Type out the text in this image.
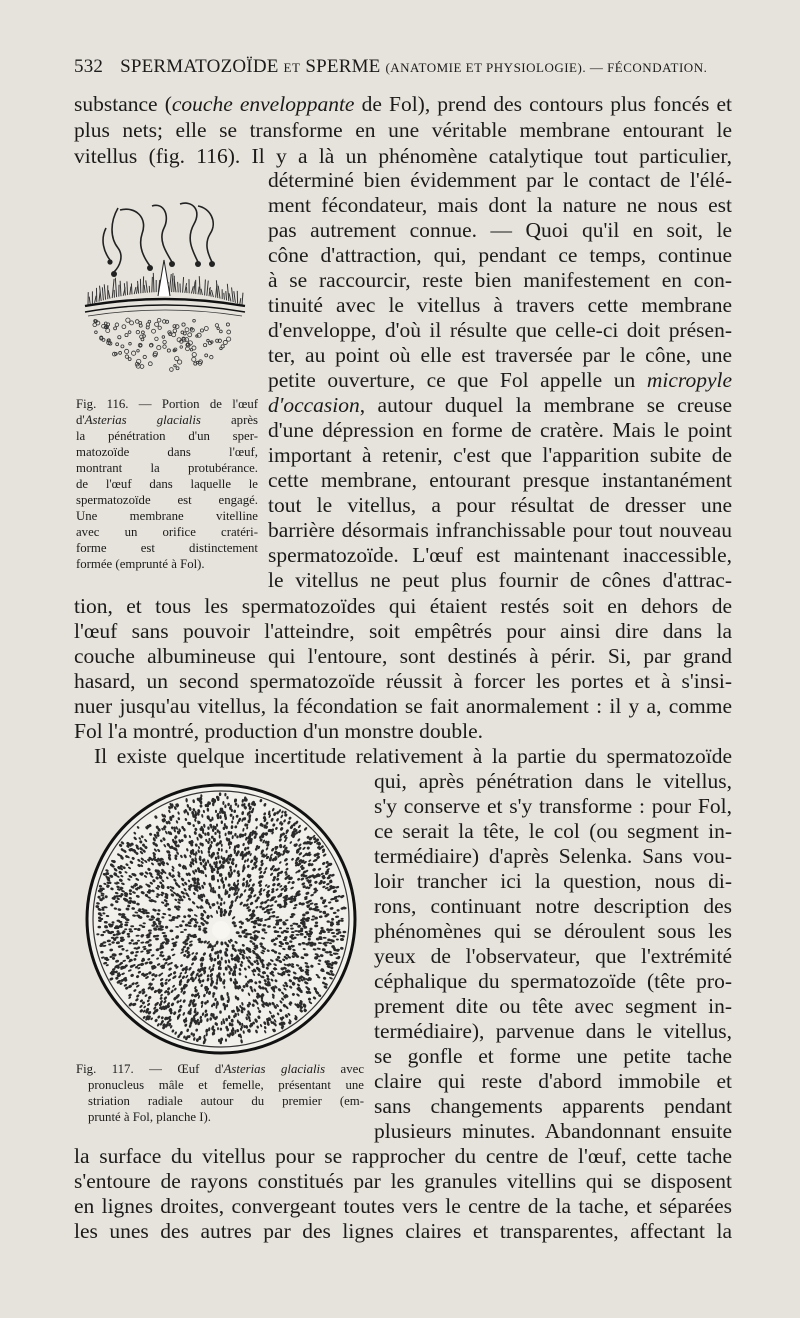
532 SPERMATOZOÏDE ET SPERME (ANATOMIE ET PHYSIOLOGIE). — FÉCONDATION.
substance (couche enveloppante de Fol), prend des contours plus foncés et
plus nets; elle se transforme en une véritable membrane entourant le
vitellus (fig. 116). Il y a là un phénomène catalytique tout particulier,
déterminé bien évidemment par le contact de l'élé-
ment fécondateur, mais dont la nature ne nous est
pas autrement connue. — Quoi qu'il en soit, le
cône d'attraction, qui, pendant ce temps, continue
à se raccourcir, reste bien manifestement en con-
tinuité avec le vitellus à travers cette membrane
d'enveloppe, d'où il résulte que celle-ci doit présen-
ter, au point où elle est traversée par le cône, une
petite ouverture, ce que Fol appelle un micropyle
d'occasion, autour duquel la membrane se creuse
d'une dépression en forme de cratère. Mais le point
important à retenir, c'est que l'apparition subite de
cette membrane, entourant presque instantanément
tout le vitellus, a pour résultat de dresser une
barrière désormais infranchissable pour tout nouveau
spermatozoïde. L'œuf est maintenant inaccessible,
le vitellus ne peut plus fournir de cônes d'attrac-
tion, et tous les spermatozoïdes qui étaient restés soit en dehors de
l'œuf sans pouvoir l'atteindre, soit empêtrés pour ainsi dire dans la
couche albumineuse qui l'entoure, sont destinés à périr. Si, par grand
hasard, un second spermatozoïde réussit à forcer les portes et à s'insi-
nuer jusqu'au vitellus, la fécondation se fait anormalement : il y a, comme
Fol l'a montré, production d'un monstre double.
Il existe quelque incertitude relativement à la partie du spermatozoïde
qui, après pénétration dans le vitellus,
s'y conserve et s'y transforme : pour Fol,
ce serait la tête, le col (ou segment in-
termédiaire) d'après Selenka. Sans vou-
loir trancher ici la question, nous di-
rons, continuant notre description des
phénomènes qui se déroulent sous les
yeux de l'observateur, que l'extrémité
céphalique du spermatozoïde (tête pro-
prement dite ou tête avec segment in-
termédiaire), parvenue dans le vitellus,
se gonfle et forme une petite tache
claire qui reste d'abord immobile et
sans changements apparents pendant
plusieurs minutes. Abandonnant ensuite
la surface du vitellus pour se rapprocher du centre de l'œuf, cette tache
s'entoure de rayons constitués par les granules vitellins qui se disposent
en lignes droites, convergeant toutes vers le centre de la tache, et séparées
les unes des autres par des lignes claires et transparentes, affectant la
Fig. 116. — Portion de l'œuf
d'Asterias glacialis après
la pénétration d'un sper-
matozoïde dans l'œuf,
montrant la protubérance.
de l'œuf dans laquelle le
spermatozoïde est engagé.
Une membrane vitelline
avec un orifice cratéri-
forme est distinctement
formée (emprunté à Fol).
Fig. 117. — Œuf d'Asterias glacialis avec
pronucleus mâle et femelle, présentant une
striation radiale autour du premier (em-
prunté à Fol, planche I).
